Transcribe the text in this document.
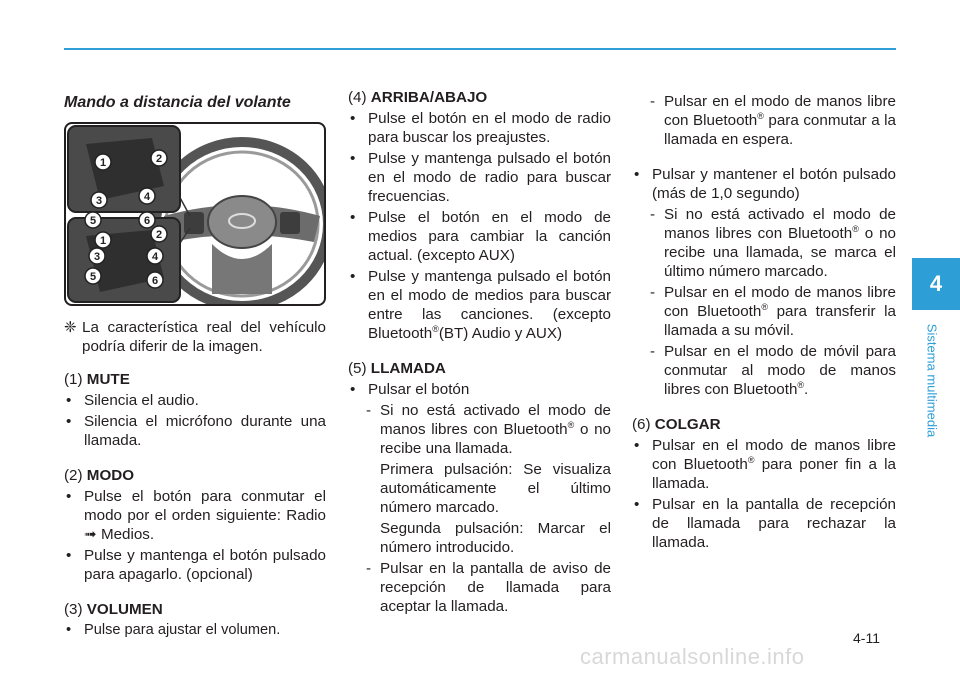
4
Sistema multimedia
Mando a distancia del volante
1	2
3	4
5	6
1	2
3	4
5	6
❈ La característica real del vehículo podría diferir de la imagen.

(1) MUTE

• Silencia el audio.
• Silencia el micrófono durante una llamada.

(2) MODO

• Pulse el botón para conmutar el modo por el orden siguiente: Radio ➟ Medios.
• Pulse y mantenga el botón pulsado para apagarlo. (opcional)

(3) VOLUMEN

• Pulse para ajustar el volumen.

(4) ARRIBA/ABAJO

• Pulse el botón en el modo de radio para buscar los preajustes.
• Pulse y mantenga pulsado el botón en el modo de radio para buscar frecuencias.
• Pulse el botón en el modo de medios para cambiar la canción actual. (excepto AUX)
• Pulse y mantenga pulsado el botón en el modo de medios para buscar entre las canciones. (excepto Bluetooth®(BT) Audio y AUX)

(5) LLAMADA

• Pulsar el botón
- Si no está activado el modo de manos libres con Bluetooth® o no recibe una llamada.

Primera pulsación: Se visualiza automáticamente el último número marcado.

Segunda pulsación: Marcar el número introducido.

- Pulsar en la pantalla de aviso de recepción de llamada para aceptar la llamada.
- Pulsar en el modo de manos libre con Bluetooth® para conmutar a la llamada en espera.
• Pulsar y mantener el botón pulsado (más de 1,0 segundo)
- Si no está activado el modo de manos libres con Bluetooth® o no recibe una llamada, se marca el último número marcado.
- Pulsar en el modo de manos libre con Bluetooth® para transferir la llamada a su móvil.
- Pulsar en el modo de móvil para conmutar al modo de manos libres con Bluetooth®.

(6) COLGAR

• Pulsar en el modo de manos libre con Bluetooth® para poner fin a la llamada.
• Pulsar en la pantalla de recepción de llamada para rechazar la llamada.
4-11
carmanualsonline.info
